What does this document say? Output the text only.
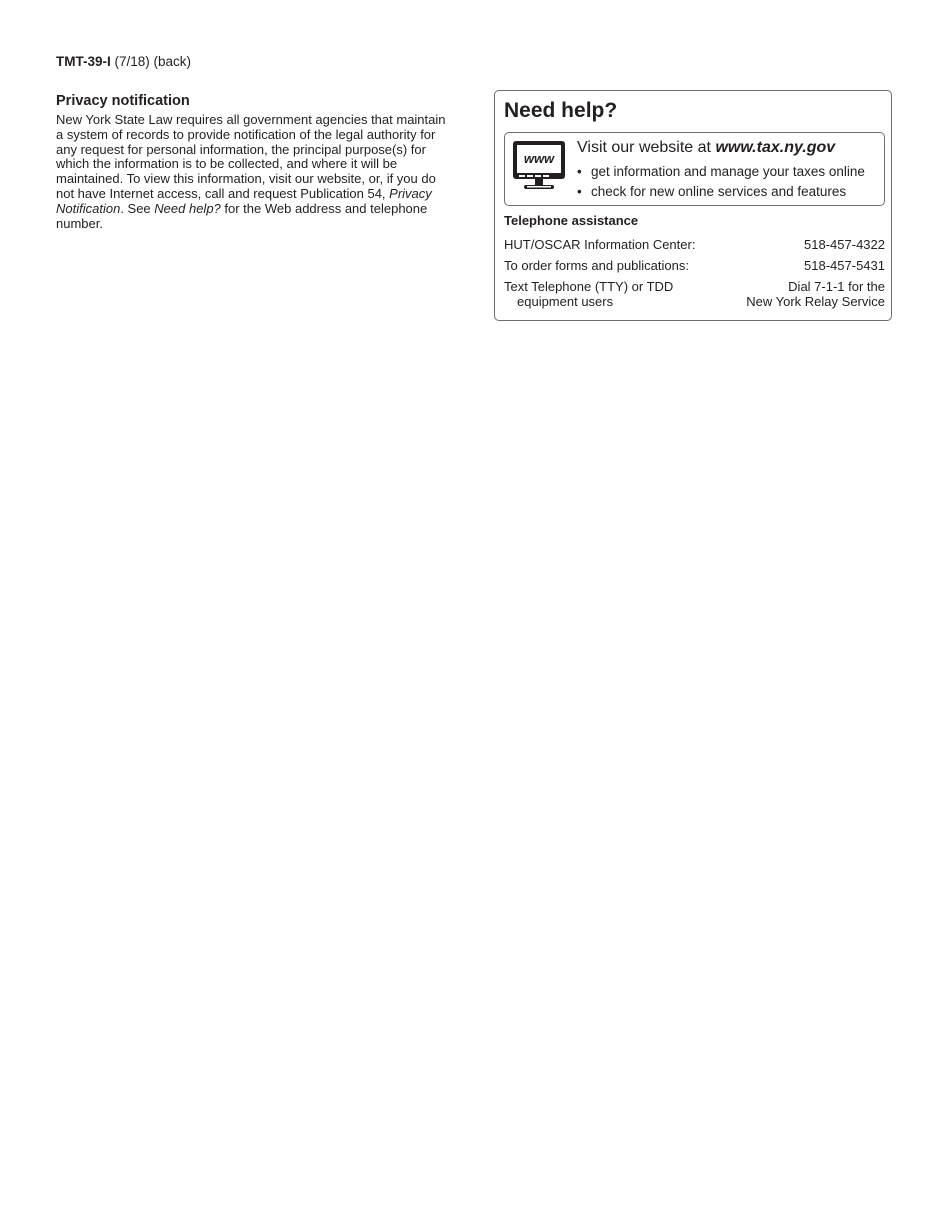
TMT-39-I (7/18) (back)
Privacy notification

New York State Law requires all government agencies that maintain a system of records to provide notification of the legal authority for any request for personal information, the principal purpose(s) for which the information is to be collected, and where it will be maintained. To view this information, visit our website, or, if you do not have Internet access, call and request Publication 54, Privacy Notification. See Need help? for the Web address and telephone number.

Need help?
www
Visit our website at www.tax.ny.gov
• get information and manage your taxes online
• check for new online services and features
Telephone assistance
HUT/OSCAR Information Center:	518-457-4322
To order forms and publications:	518-457-5431
Text Telephone (TTY) or TDD
equipment users
Dial 7-1-1 for the
New York Relay Service
